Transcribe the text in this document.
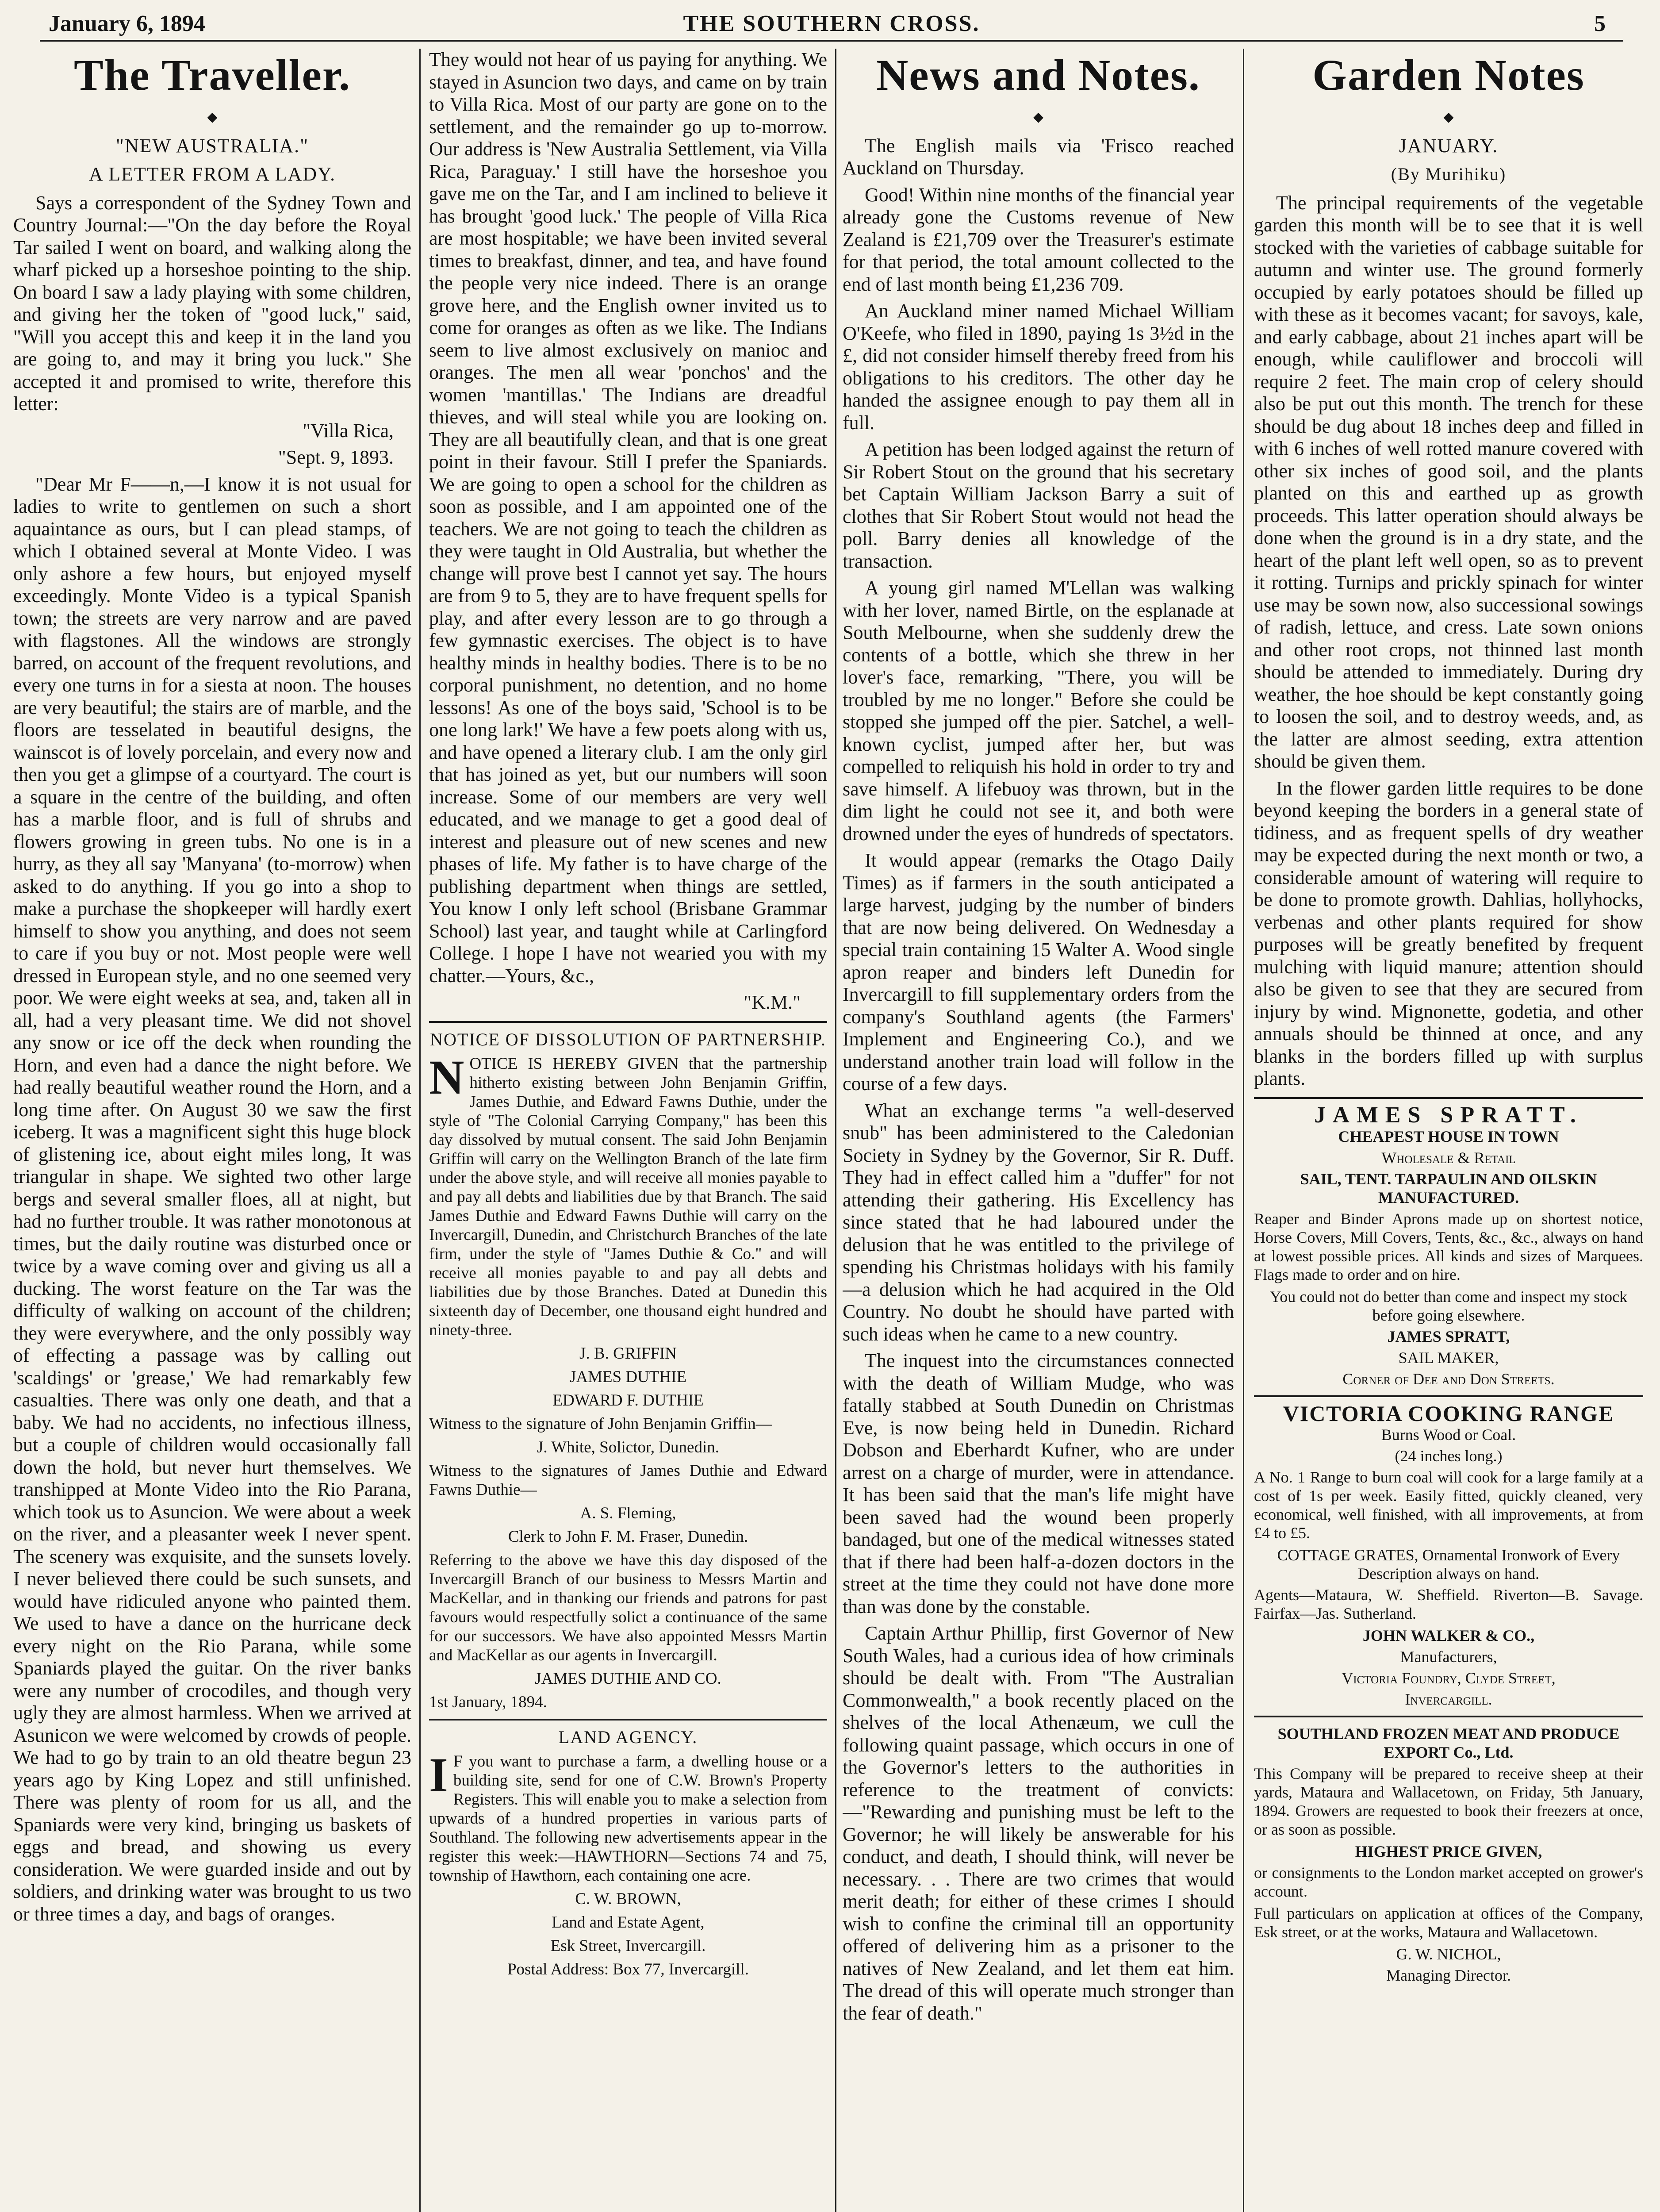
January 6, 1894	THE SOUTHERN CROSS.	5
The Traveller.
◆
"NEW AUSTRALIA."
A LETTER FROM A LADY.

Says a correspondent of the Sydney Town and Country Journal:—"On the day before the Royal Tar sailed I went on board, and walking along the wharf picked up a horseshoe pointing to the ship. On board I saw a lady playing with some children, and giving her the token of "good luck," said, "Will you accept this and keep it in the land you are going to, and may it bring you luck." She accepted it and promised to write, therefore this letter:

"Villa Rica,
"Sept. 9, 1893.

"Dear Mr F——n,—I know it is not usual for ladies to write to gentlemen on such a short aquaintance as ours, but I can plead stamps, of which I obtained several at Monte Video. I was only ashore a few hours, but enjoyed myself exceedingly. Monte Video is a typical Spanish town; the streets are very narrow and are paved with flagstones. All the windows are strongly barred, on account of the frequent revolutions, and every one turns in for a siesta at noon. The houses are very beautiful; the stairs are of marble, and the floors are tesselated in beautiful designs, the wainscot is of lovely porcelain, and every now and then you get a glimpse of a courtyard. The court is a square in the centre of the building, and often has a marble floor, and is full of shrubs and flowers growing in green tubs. No one is in a hurry, as they all say 'Manyana' (to-morrow) when asked to do anything. If you go into a shop to make a purchase the shopkeeper will hardly exert himself to show you anything, and does not seem to care if you buy or not. Most people were well dressed in European style, and no one seemed very poor. We were eight weeks at sea, and, taken all in all, had a very pleasant time. We did not shovel any snow or ice off the deck when rounding the Horn, and even had a dance the night before. We had really beautiful weather round the Horn, and a long time after. On August 30 we saw the first iceberg. It was a magnificent sight this huge block of glistening ice, about eight miles long, It was triangular in shape. We sighted two other large bergs and several smaller floes, all at night, but had no further trouble. It was rather monotonous at times, but the daily routine was disturbed once or twice by a wave coming over and giving us all a ducking. The worst feature on the Tar was the difficulty of walking on account of the children; they were everywhere, and the only possibly way of effecting a passage was by calling out 'scaldings' or 'grease,' We had remarkably few casualties. There was only one death, and that a baby. We had no accidents, no infectious illness, but a couple of children would occasionally fall down the hold, but never hurt themselves. We transhipped at Monte Video into the Rio Parana, which took us to Asuncion. We were about a week on the river, and a pleasanter week I never spent. The scenery was exquisite, and the sunsets lovely. I never believed there could be such sunsets, and would have ridiculed anyone who painted them. We used to have a dance on the hurricane deck every night on the Rio Parana, while some Spaniards played the guitar. On the river banks were any number of crocodiles, and though very ugly they are almost harmless. When we arrived at Asunicon we were welcomed by crowds of people. We had to go by train to an old theatre begun 23 years ago by King Lopez and still unfinished. There was plenty of room for us all, and the Spaniards were very kind, bringing us baskets of eggs and bread, and showing us every consideration. We were guarded inside and out by soldiers, and drinking water was brought to us two or three times a day, and bags of oranges.

They would not hear of us paying for anything. We stayed in Asuncion two days, and came on by train to Villa Rica. Most of our party are gone on to the settlement, and the remainder go up to-morrow. Our address is 'New Australia Settlement, via Villa Rica, Paraguay.' I still have the horseshoe you gave me on the Tar, and I am inclined to believe it has brought 'good luck.' The people of Villa Rica are most hospitable; we have been invited several times to breakfast, dinner, and tea, and have found the people very nice indeed. There is an orange grove here, and the English owner invited us to come for oranges as often as we like. The Indians seem to live almost exclusively on manioc and oranges. The men all wear 'ponchos' and the women 'mantillas.' The Indians are dreadful thieves, and will steal while you are looking on. They are all beautifully clean, and that is one great point in their favour. Still I prefer the Spaniards. We are going to open a school for the children as soon as possible, and I am appointed one of the teachers. We are not going to teach the children as they were taught in Old Australia, but whether the change will prove best I cannot yet say. The hours are from 9 to 5, they are to have frequent spells for play, and after every lesson are to go through a few gymnastic exercises. The object is to have healthy minds in healthy bodies. There is to be no corporal punishment, no detention, and no home lessons! As one of the boys said, 'School is to be one long lark!' We have a few poets along with us, and have opened a literary club. I am the only girl that has joined as yet, but our numbers will soon increase. Some of our members are very well educated, and we manage to get a good deal of interest and pleasure out of new scenes and new phases of life. My father is to have charge of the publishing department when things are settled, You know I only left school (Brisbane Grammar School) last year, and taught while at Carlingford College. I hope I have not wearied you with my chatter.—Yours, &c.,

"K.M."
NOTICE OF DISSOLUTION OF PARTNERSHIP.

NOTICE IS HEREBY GIVEN that the partnership hitherto existing between John Benjamin Griffin, James Duthie, and Edward Fawns Duthie, under the style of "The Colonial Carrying Company," has been this day dissolved by mutual consent. The said John Benjamin Griffin will carry on the Wellington Branch of the late firm under the above style, and will receive all monies payable to and pay all debts and liabilities due by that Branch. The said James Duthie and Edward Fawns Duthie will carry on the Invercargill, Dunedin, and Christchurch Branches of the late firm, under the style of "James Duthie & Co." and will receive all monies payable to and pay all debts and liabilities due by those Branches. Dated at Dunedin this sixteenth day of December, one thousand eight hundred and ninety-three.

J. B. GRIFFIN

JAMES DUTHIE

EDWARD F. DUTHIE

Witness to the signature of John Benjamin Griffin—

J. White, Solictor, Dunedin.

Witness to the signatures of James Duthie and Edward Fawns Duthie—

A. S. Fleming,

Clerk to John F. M. Fraser, Dunedin.

Referring to the above we have this day disposed of the Invercargill Branch of our business to Messrs Martin and MacKellar, and in thanking our friends and patrons for past favours would respectfully solict a continuance of the same for our successors. We have also appointed Messrs Martin and MacKellar as our agents in Invercargill.

JAMES DUTHIE AND CO.

1st January, 1894.

LAND AGENCY.

I F you want to purchase a farm, a dwelling house or a building site, send for one of C.W. Brown's Property Registers. This will enable you to make a selection from upwards of a hundred properties in various parts of Southland. The following new advertisements appear in the register this week:—HAWTHORN—Sections 74 and 75, township of Hawthorn, each containing one acre.

C. W. BROWN,

Land and Estate Agent,

Esk Street, Invercargill.

Postal Address: Box 77, Invercargill.

News and Notes.
◆

The English mails via 'Frisco reached Auckland on Thursday.

Good! Within nine months of the financial year already gone the Customs revenue of New Zealand is £21,709 over the Treasurer's estimate for that period, the total amount collected to the end of last month being £1,236 709.

An Auckland miner named Michael William O'Keefe, who filed in 1890, paying 1s 3½d in the £, did not consider himself thereby freed from his obligations to his creditors. The other day he handed the assignee enough to pay them all in full.

A petition has been lodged against the return of Sir Robert Stout on the ground that his secretary bet Captain William Jackson Barry a suit of clothes that Sir Robert Stout would not head the poll. Barry denies all knowledge of the transaction.

A young girl named M'Lellan was walking with her lover, named Birtle, on the esplanade at South Melbourne, when she suddenly drew the contents of a bottle, which she threw in her lover's face, remarking, "There, you will be troubled by me no longer." Before she could be stopped she jumped off the pier. Satchel, a well-known cyclist, jumped after her, but was compelled to reliquish his hold in order to try and save himself. A lifebuoy was thrown, but in the dim light he could not see it, and both were drowned under the eyes of hundreds of spectators.

It would appear (remarks the Otago Daily Times) as if farmers in the south anticipated a large harvest, judging by the number of binders that are now being delivered. On Wednesday a special train containing 15 Walter A. Wood single apron reaper and binders left Dunedin for Invercargill to fill supplementary orders from the company's Southland agents (the Farmers' Implement and Engineering Co.), and we understand another train load will follow in the course of a few days.

What an exchange terms "a well-deserved snub" has been administered to the Caledonian Society in Sydney by the Governor, Sir R. Duff. They had in effect called him a "duffer" for not attending their gathering. His Excellency has since stated that he had laboured under the delusion that he was entitled to the privilege of spending his Christmas holidays with his family—a delusion which he had acquired in the Old Country. No doubt he should have parted with such ideas when he came to a new country.

The inquest into the circumstances connected with the death of William Mudge, who was fatally stabbed at South Dunedin on Christmas Eve, is now being held in Dunedin. Richard Dobson and Eberhardt Kufner, who are under arrest on a charge of murder, were in attendance. It has been said that the man's life might have been saved had the wound been properly bandaged, but one of the medical witnesses stated that if there had been half-a-dozen doctors in the street at the time they could not have done more than was done by the constable.

Captain Arthur Phillip, first Governor of New South Wales, had a curious idea of how criminals should be dealt with. From "The Australian Commonwealth," a book recently placed on the shelves of the local Athenæum, we cull the following quaint passage, which occurs in one of the Governor's letters to the authorities in reference to the treatment of convicts:—"Rewarding and punishing must be left to the Governor; he will likely be answerable for his conduct, and death, I should think, will never be necessary. . . There are two crimes that would merit death; for either of these crimes I should wish to confine the criminal till an opportunity offered of delivering him as a prisoner to the natives of New Zealand, and let them eat him. The dread of this will operate much stronger than the fear of death."

Garden Notes
◆
JANUARY.
(By Murihiku)

The principal requirements of the vegetable garden this month will be to see that it is well stocked with the varieties of cabbage suitable for autumn and winter use. The ground formerly occupied by early potatoes should be filled up with these as it becomes vacant; for savoys, kale, and early cabbage, about 21 inches apart will be enough, while cauliflower and broccoli will require 2 feet. The main crop of celery should also be put out this month. The trench for these should be dug about 18 inches deep and filled in with 6 inches of well rotted manure covered with other six inches of good soil, and the plants planted on this and earthed up as growth proceeds. This latter operation should always be done when the ground is in a dry state, and the heart of the plant left well open, so as to prevent it rotting. Turnips and prickly spinach for winter use may be sown now, also successional sowings of radish, lettuce, and cress. Late sown onions and other root crops, not thinned last month should be attended to immediately. During dry weather, the hoe should be kept constantly going to loosen the soil, and to destroy weeds, and, as the latter are almost seeding, extra attention should be given them.

In the flower garden little requires to be done beyond keeping the borders in a general state of tidiness, and as frequent spells of dry weather may be expected during the next month or two, a considerable amount of watering will require to be done to promote growth. Dahlias, hollyhocks, verbenas and other plants required for show purposes will be greatly benefited by frequent mulching with liquid manure; attention should also be given to see that they are secured from injury by wind. Mignonette, godetia, and other annuals should be thinned at once, and any blanks in the borders filled up with surplus plants.

JAMES SPRATT.

CHEAPEST HOUSE IN TOWN

Wholesale & Retail

SAIL, TENT. TARPAULIN AND OILSKIN MANUFACTURED.

Reaper and Binder Aprons made up on shortest notice, Horse Covers, Mill Covers, Tents, &c., &c., always on hand at lowest possible prices. All kinds and sizes of Marquees. Flags made to order and on hire.

You could not do better than come and inspect my stock before going elsewhere.

JAMES SPRATT,

SAIL MAKER,

Corner of Dee and Don Streets.

VICTORIA COOKING RANGE

Burns Wood or Coal.

(24 inches long.)

A No. 1 Range to burn coal will cook for a large family at a cost of 1s per week. Easily fitted, quickly cleaned, very economical, well finished, with all improvements, at from £4 to £5.

COTTAGE GRATES, Ornamental Ironwork of Every Description always on hand.

Agents—Mataura, W. Sheffield. Riverton—B. Savage. Fairfax—Jas. Sutherland.

JOHN WALKER & CO.,

Manufacturers,

Victoria Foundry, Clyde Street,

Invercargill.

SOUTHLAND FROZEN MEAT AND PRODUCE EXPORT Co., Ltd.

This Company will be prepared to receive sheep at their yards, Mataura and Wallacetown, on Friday, 5th January, 1894. Growers are requested to book their freezers at once, or as soon as possible.

HIGHEST PRICE GIVEN,

or consignments to the London market accepted on grower's account.

Full particulars on application at offices of the Company, Esk street, or at the works, Mataura and Wallacetown.

G. W. NICHOL,

Managing Director.
